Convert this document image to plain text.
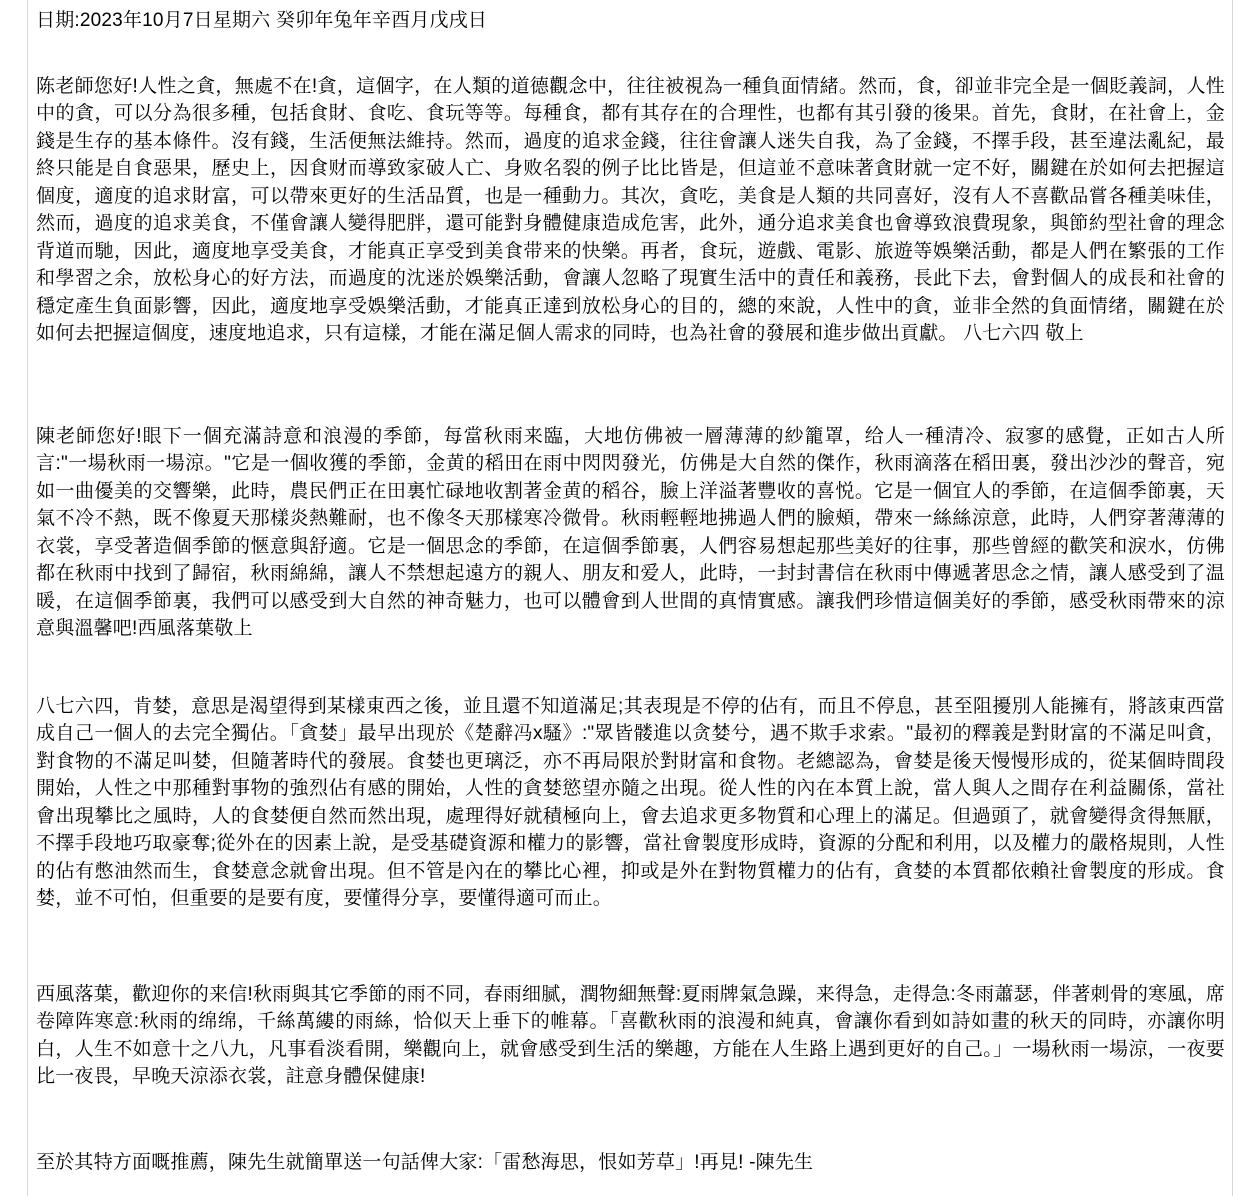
日期:2023年10月7日星期六 癸卯年兔年辛酉月戊戌日

陈老師您好!人性之貪，無處不在!貪，這個字，在人類的道德觀念中，往往被視為一種負面情緒。然而，食，卻並非完全是一個貶義詞，人性中的貪，可以分為很多種，包括食財、食吃、食玩等等。每種食，都有其存在的合理性，也都有其引發的後果。首先，食財，在社會上，金錢是生存的基本條件。沒有錢，生活便無法維持。然而，過度的追求金錢，往往會讓人迷失自我，為了金錢，不擇手段，甚至違法亂紀，最終只能是自食惡果，歷史上，因食财而導致家破人亡、身败名裂的例子比比皆是，但這並不意味著貪財就一定不好，關鍵在於如何去把握這個度，適度的追求財富，可以帶來更好的生活品質，也是一種動力。其次，貪吃，美食是人類的共同喜好，沒有人不喜歡品嘗各種美味佳，然而，過度的追求美食，不僅會讓人變得肥胖，還可能對身體健康造成危害，此外，通分追求美食也會導致浪費現象，與節約型社會的理念背道而馳，因此，適度地享受美食，才能真正享受到美食带来的快樂。再者，食玩，遊戲、電影、旅遊等娛樂活動，都是人們在繁張的工作和學習之余，放松身心的好方法，而過度的沈迷於娛樂活動，會讓人忽略了現實生活中的責任和義務，長此下去，會對個人的成長和社會的穩定產生負面影響，因此，適度地享受娛樂活動，才能真正達到放松身心的目的，總的來說，人性中的貪，並非全然的負面情绪，關鍵在於如何去把握這個度，速度地追求，只有這樣，才能在滿足個人需求的同時，也為社會的發展和進步做出貢獻。 八七六四 敬上

陳老師您好!眼下一個充滿詩意和浪漫的季節，每當秋雨来臨，大地仿佛被一層薄薄的紗籠罩，给人一種清冷、寂寥的感覺，正如古人所言:"一場秋雨一場涼。"它是一個收獲的季節，金黄的稻田在雨中閃閃發光，仿佛是大自然的傑作，秋雨滴落在稻田裏，發出沙沙的聲音，宛如一曲優美的交響樂，此時，農民們正在田裏忙碌地收割著金黄的稻谷，臉上洋溢著豐收的喜悦。它是一個宜人的季節，在這個季節裏，天氣不冷不熱，既不像夏天那樣炎熱難耐，也不像冬天那樣寒冷微骨。秋雨輕輕地拂過人們的臉頰，帶來一絲絲涼意，此時，人們穿著薄薄的衣裳，享受著造個季節的愜意與舒適。它是一個思念的季節，在這個季節裏，人們容易想起那些美好的往事，那些曾經的歡笑和淚水，仿佛都在秋雨中找到了歸宿，秋雨綿綿，讓人不禁想起遠方的親人、朋友和爱人，此時，一封封書信在秋雨中傳遞著思念之情，讓人感受到了温暖，在這個季節裏，我們可以感受到大自然的神奇魅力，也可以體會到人世間的真情實感。讓我們珍惜這個美好的季節，感受秋雨帶來的涼意與溫馨吧!西風落葉敬上

八七六四，肯婪，意思是渴望得到某樣東西之後，並且還不知道滿足;其表現是不停的佔有，而且不停息，甚至阻擾別人能擁有，將該東西當成自己一個人的去完全獨佔。「貪婪」最早出现於《楚辭冯x騷》:"眾皆髅進以贪婪兮，遇不欺手求索。"最初的釋義是對財富的不滿足叫貪，對食物的不滿足叫婪，但隨著時代的發展。食婪也更璃泛，亦不再局限於對財富和食物。老總認為，會婪是後天慢慢形成的，從某個時間段開始，人性之中那種對事物的強烈佔有感的開始，人性的貪婪慾望亦隨之出現。從人性的內在本質上說，當人與人之間存在利益關係，當社會出現攀比之風時，人的食婪便自然而然出現，處理得好就積極向上，會去追求更多物質和心理上的滿足。但過頭了，就會變得贪得無厭，不擇手段地巧取豪奪;從外在的因素上說，是受基礎資源和權力的影響，當社會製度形成時，資源的分配和利用，以及權力的嚴格規則，人性的佔有憋油然而生，食婪意念就會出現。但不管是內在的攀比心裡，抑或是外在對物質權力的佔有，貪婪的本質都依賴社會製度的形成。食婪，並不可怕，但重要的是要有度，要懂得分享，要懂得適可而止。

西風落葉，歡迎你的来信!秋雨與其它季節的雨不同，春雨细腻，潤物細無聲:夏雨牌氣急躁，来得急，走得急:冬雨蕭瑟，伴著刺骨的寒風，席卷障阵寒意:秋雨的绵绵，千絲萬縷的雨絲，恰似天上垂下的帷幕。「喜歡秋雨的浪漫和純真，會讓你看到如詩如畫的秋天的同時，亦讓你明白，人生不如意十之八九，凡事看淡看開，樂觀向上，就會感受到生活的樂趣，方能在人生路上遇到更好的自己。」一場秋雨一場涼，一夜要比一夜畏，早晚天涼添衣裳，註意身體保健康!

至於其特方面嘅推薦，陳先生就簡單送一句話俾大家:「雷愁海思，恨如芳草」!再見! -陳先生
